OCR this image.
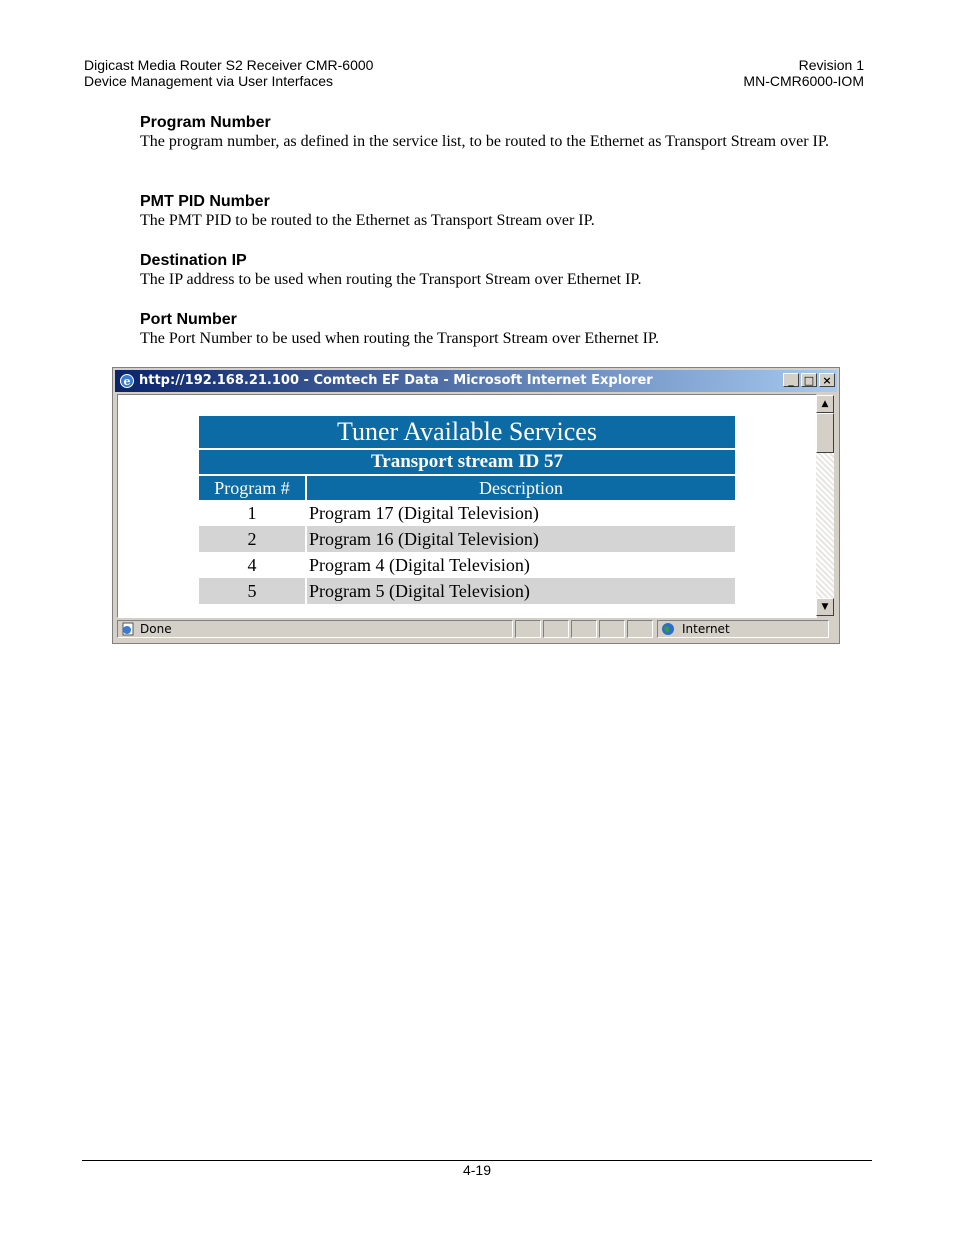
Digicast Media Router S2 Receiver CMR-6000
Device Management via User Interfaces
Revision 1
MN-CMR6000-IOM
Program Number

The program number, as defined in the service list, to be routed to the Ethernet as Transport Stream over IP.

PMT PID Number

The PMT PID to be routed to the Ethernet as Transport Stream over IP.

Destination IP

The IP address to be used when routing the Transport Stream over Ethernet IP.

Port Number

The Port Number to be used when routing the Transport Stream over Ethernet IP.

e http://192.168.21.100 - Comtech EF Data - Microsoft Internet Explorer	_ □ ×
Tuner Available Services	
Transport stream ID 57	
Program #	Description
1	Program 17 (Digital Television)
2	Program 16 (Digital Television)
4	Program 4 (Digital Television)
5	Program 5 (Digital Television)
▲
▼
Done	Internet
4-19
